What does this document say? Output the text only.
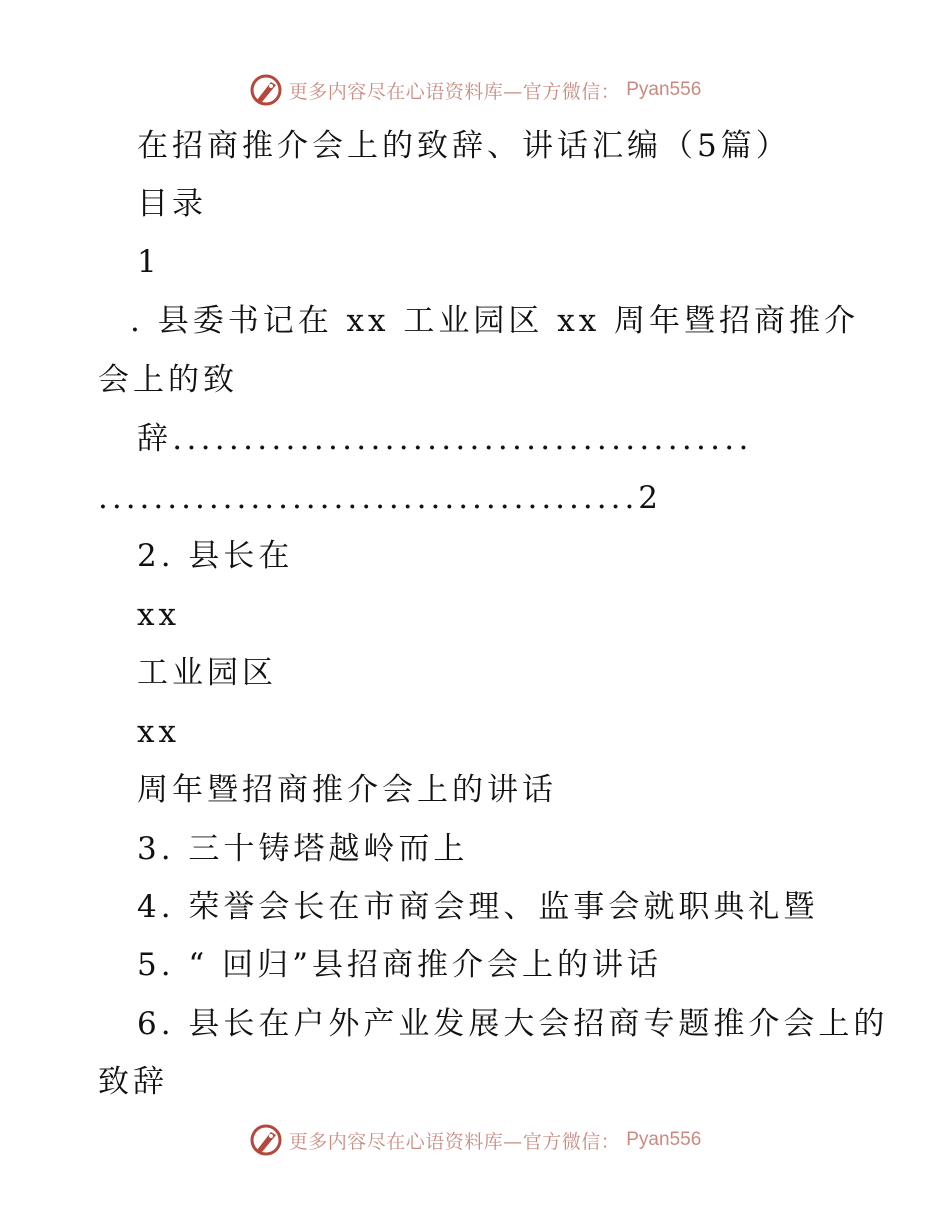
更多内容尽在心语资料库—官方微信： Pyan556
在招商推介会上的致辞、讲话汇编（5篇）
目录
1
. 县委书记在 xx 工业园区 xx 周年暨招商推介
会上的致
辞.........................................
.......................................2
2. 县长在
xx
工业园区
xx
周年暨招商推介会上的讲话
3. 三十铸塔越岭而上
4. 荣誉会长在市商会理、监事会就职典礼暨
5. “ 回归”县招商推介会上的讲话
6. 县长在户外产业发展大会招商专题推介会上的
致辞
更多内容尽在心语资料库—官方微信： Pyan556
